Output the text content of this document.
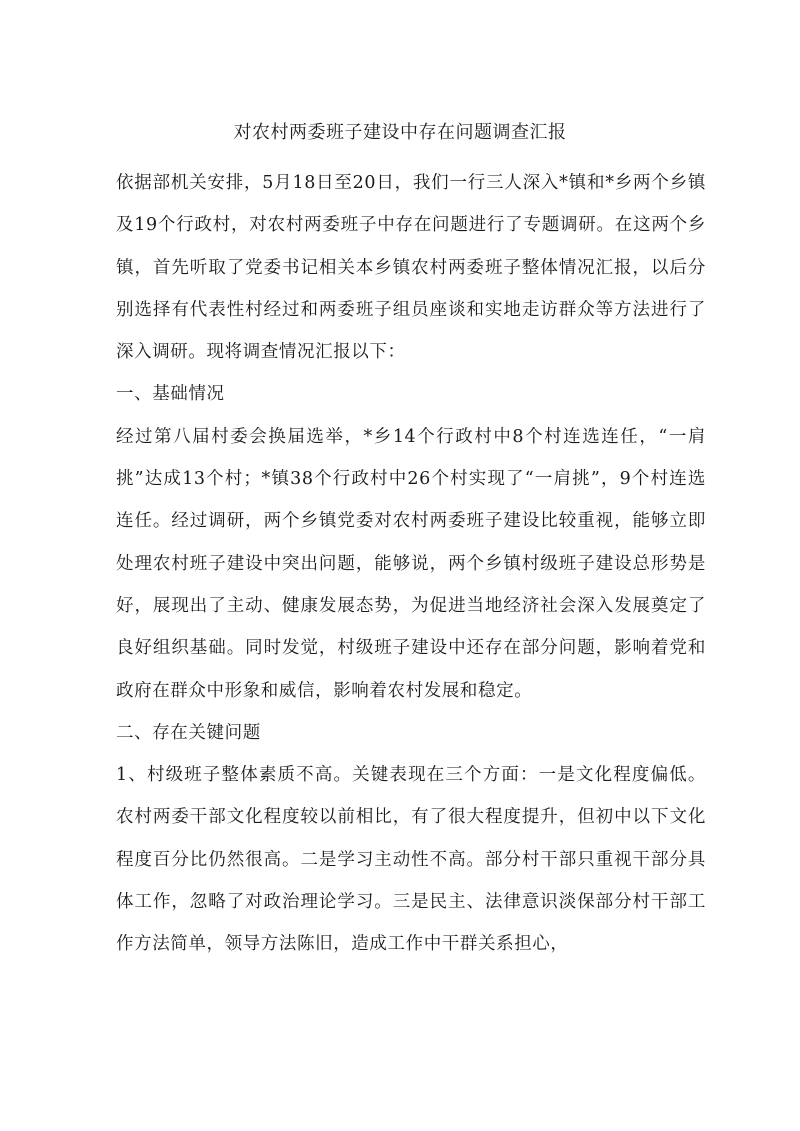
对农村两委班子建设中存在问题调查汇报

依据部机关安排，5月18日至20日，我们一行三人深入*镇和*乡两个乡镇及19个行政村，对农村两委班子中存在问题进行了专题调研。在这两个乡镇，首先听取了党委书记相关本乡镇农村两委班子整体情况汇报，以后分别选择有代表性村经过和两委班子组员座谈和实地走访群众等方法进行了深入调研。现将调查情况汇报以下：

一、基础情况

经过第八届村委会换届选举，*乡14个行政村中8个村连选连任，“一肩挑”达成13个村；*镇38个行政村中26个村实现了“一肩挑”，9个村连选连任。经过调研，两个乡镇党委对农村两委班子建设比较重视，能够立即处理农村班子建设中突出问题，能够说，两个乡镇村级班子建设总形势是好，展现出了主动、健康发展态势，为促进当地经济社会深入发展奠定了良好组织基础。同时发觉，村级班子建设中还存在部分问题，影响着党和政府在群众中形象和威信，影响着农村发展和稳定。

二、存在关键问题

1、村级班子整体素质不高。关键表现在三个方面：一是文化程度偏低。农村两委干部文化程度较以前相比，有了很大程度提升，但初中以下文化程度百分比仍然很高。二是学习主动性不高。部分村干部只重视干部分具体工作，忽略了对政治理论学习。三是民主、法律意识淡保部分村干部工作方法简单，领导方法陈旧，造成工作中干群关系担心，
